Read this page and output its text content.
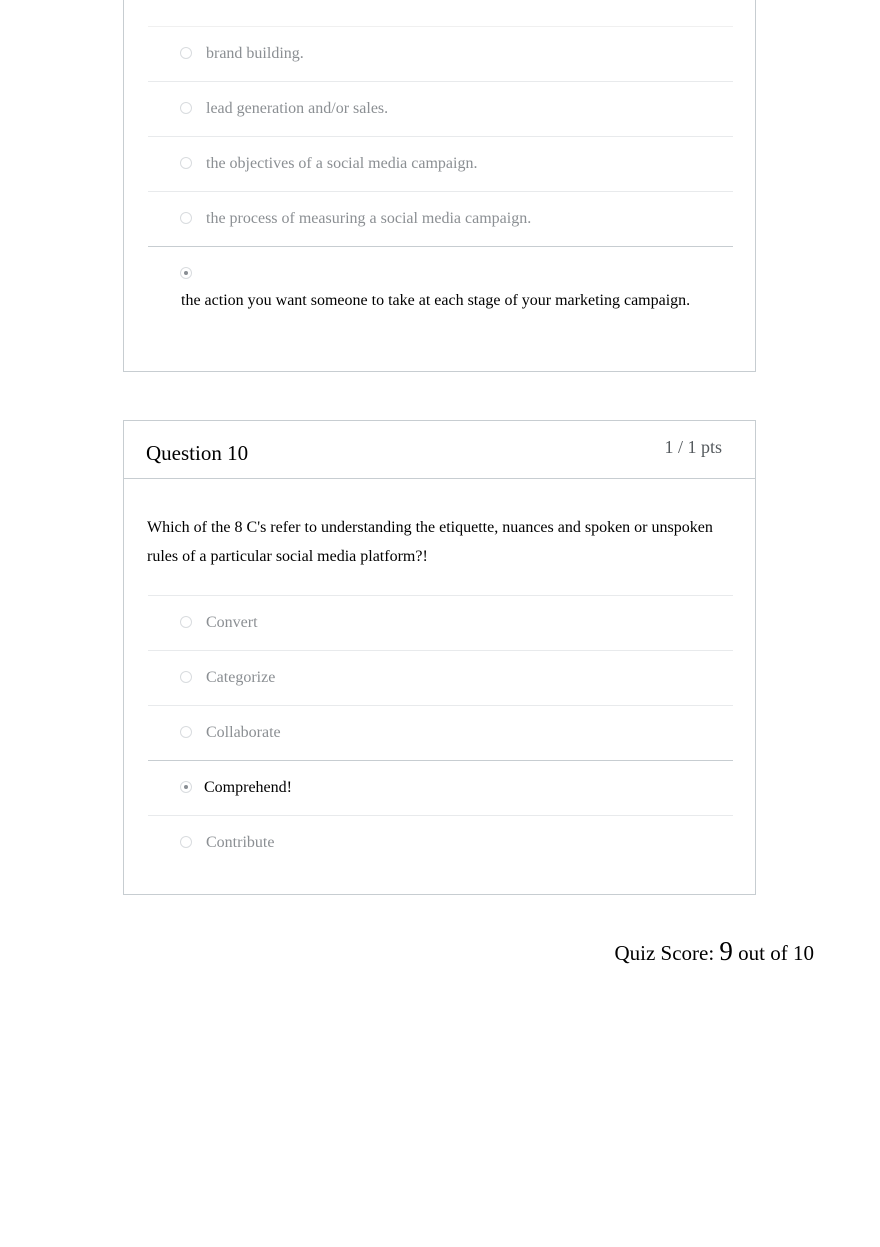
brand building.
lead generation and/or sales.
the objectives of a social media campaign.
the process of measuring a social media campaign.
the action you want someone to take at each stage of your marketing campaign.
Question 10	1 / 1 pts
Which of the 8 C's refer to understanding the etiquette, nuances and spoken or unspoken rules of a particular social media platform?!
Convert
Categorize
Collaborate
Comprehend!
Contribute
Quiz Score: 9 out of 10
